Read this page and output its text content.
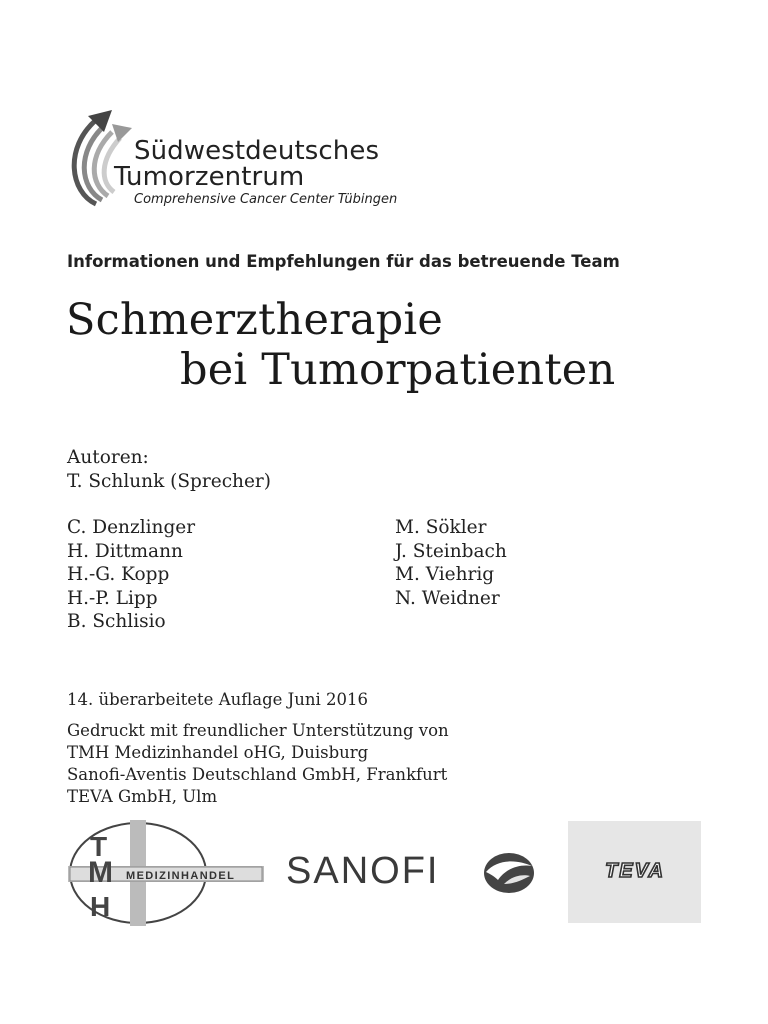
Südwestdeutsches
Tumorzentrum
Comprehensive Cancer Center Tübingen
Informationen und Empfehlungen für das betreuende Team
Schmerztherapie
bei Tumorpatienten
Autoren:
T. Schlunk (Sprecher)
C. Denzlinger
H. Dittmann
H.-G. Kopp
H.-P. Lipp
B. Schlisio
M. Sökler
J. Steinbach
M. Viehrig
N. Weidner
14. überarbeitete Auflage Juni 2016
Gedruckt mit freundlicher Unterstützung von
TMH Medizinhandel oHG, Duisburg
Sanofi-Aventis Deutschland GmbH, Frankfurt
TEVA GmbH, Ulm
MEDIZINHANDEL
T
M
H
SANOFI	TEVA
